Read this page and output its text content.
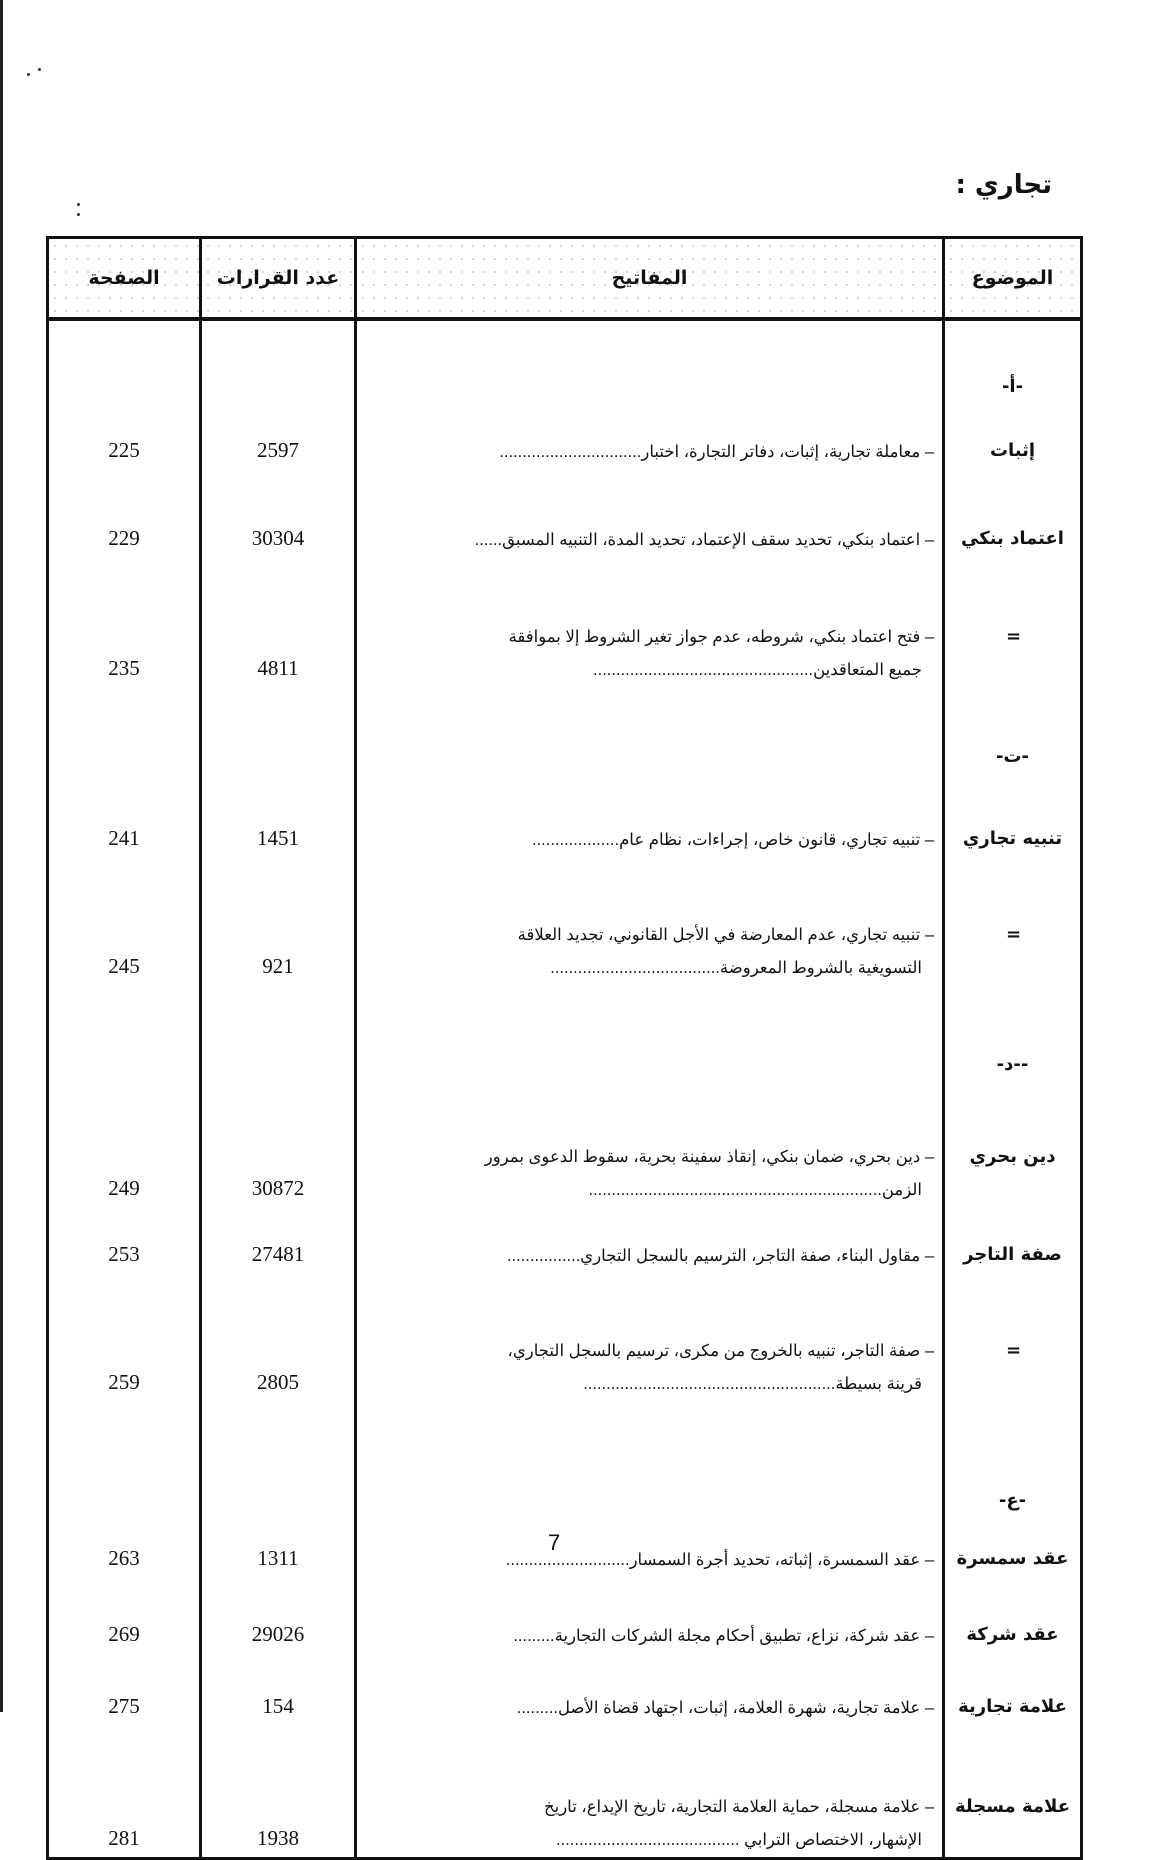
تجاري :
الموضوع	المفاتيح	عدد القرارات	الصفحة
-أ-			
إثبات	– معاملة تجارية، إثبات، دفاتر التجارة، اختبار...............................	2597	225
اعتماد بنكي	– اعتماد بنكي، تحديد سقف الإعتماد، تحديد المدة، التنبيه المسبق......	30304	229
=	– فتح اعتماد بنكي، شروطه، عدم جواز تغير الشروط إلا بموافقة
جميع المتعاقدين................................................	4811	235
-ت-			
تنبيه تجاري	– تنبيه تجاري، قانون خاص، إجراءات، نظام عام...................	1451	241
=	– تنبيه تجاري، عدم المعارضة في الأجل القانوني، تجديد العلاقة
التسويغية بالشروط المعروضة.....................................	921	245
--د-			
دين بحري	– دين بحري، ضمان بنكي، إنقاذ سفينة بحرية، سقوط الدعوى بمرور
الزمن................................................................	30872	249
صفة التاجر	– مقاول البناء، صفة التاجر، الترسيم بالسجل التجاري................	27481	253
=	– صفة التاجر، تنبيه بالخروج من مكرى، ترسيم بالسجل التجاري،
قرينة بسيطة.......................................................	2805	259
-ع-			
عقد سمسرة	– عقد السمسرة، إثباته، تحديد أجرة السمسار...........................	1311	263
عقد شركة	– عقد شركة، نزاع، تطبيق أحكام مجلة الشركات التجارية.........	29026	269
علامة تجارية	– علامة تجارية، شهرة العلامة، إثبات، اجتهاد قضاة الأصل.........	154	275
علامة مسجلة	– علامة مسجلة، حماية العلامة التجارية، تاريخ الإيداع، تاريخ
الإشهار، الاختصاص الترابي ........................................	1938	281
7
